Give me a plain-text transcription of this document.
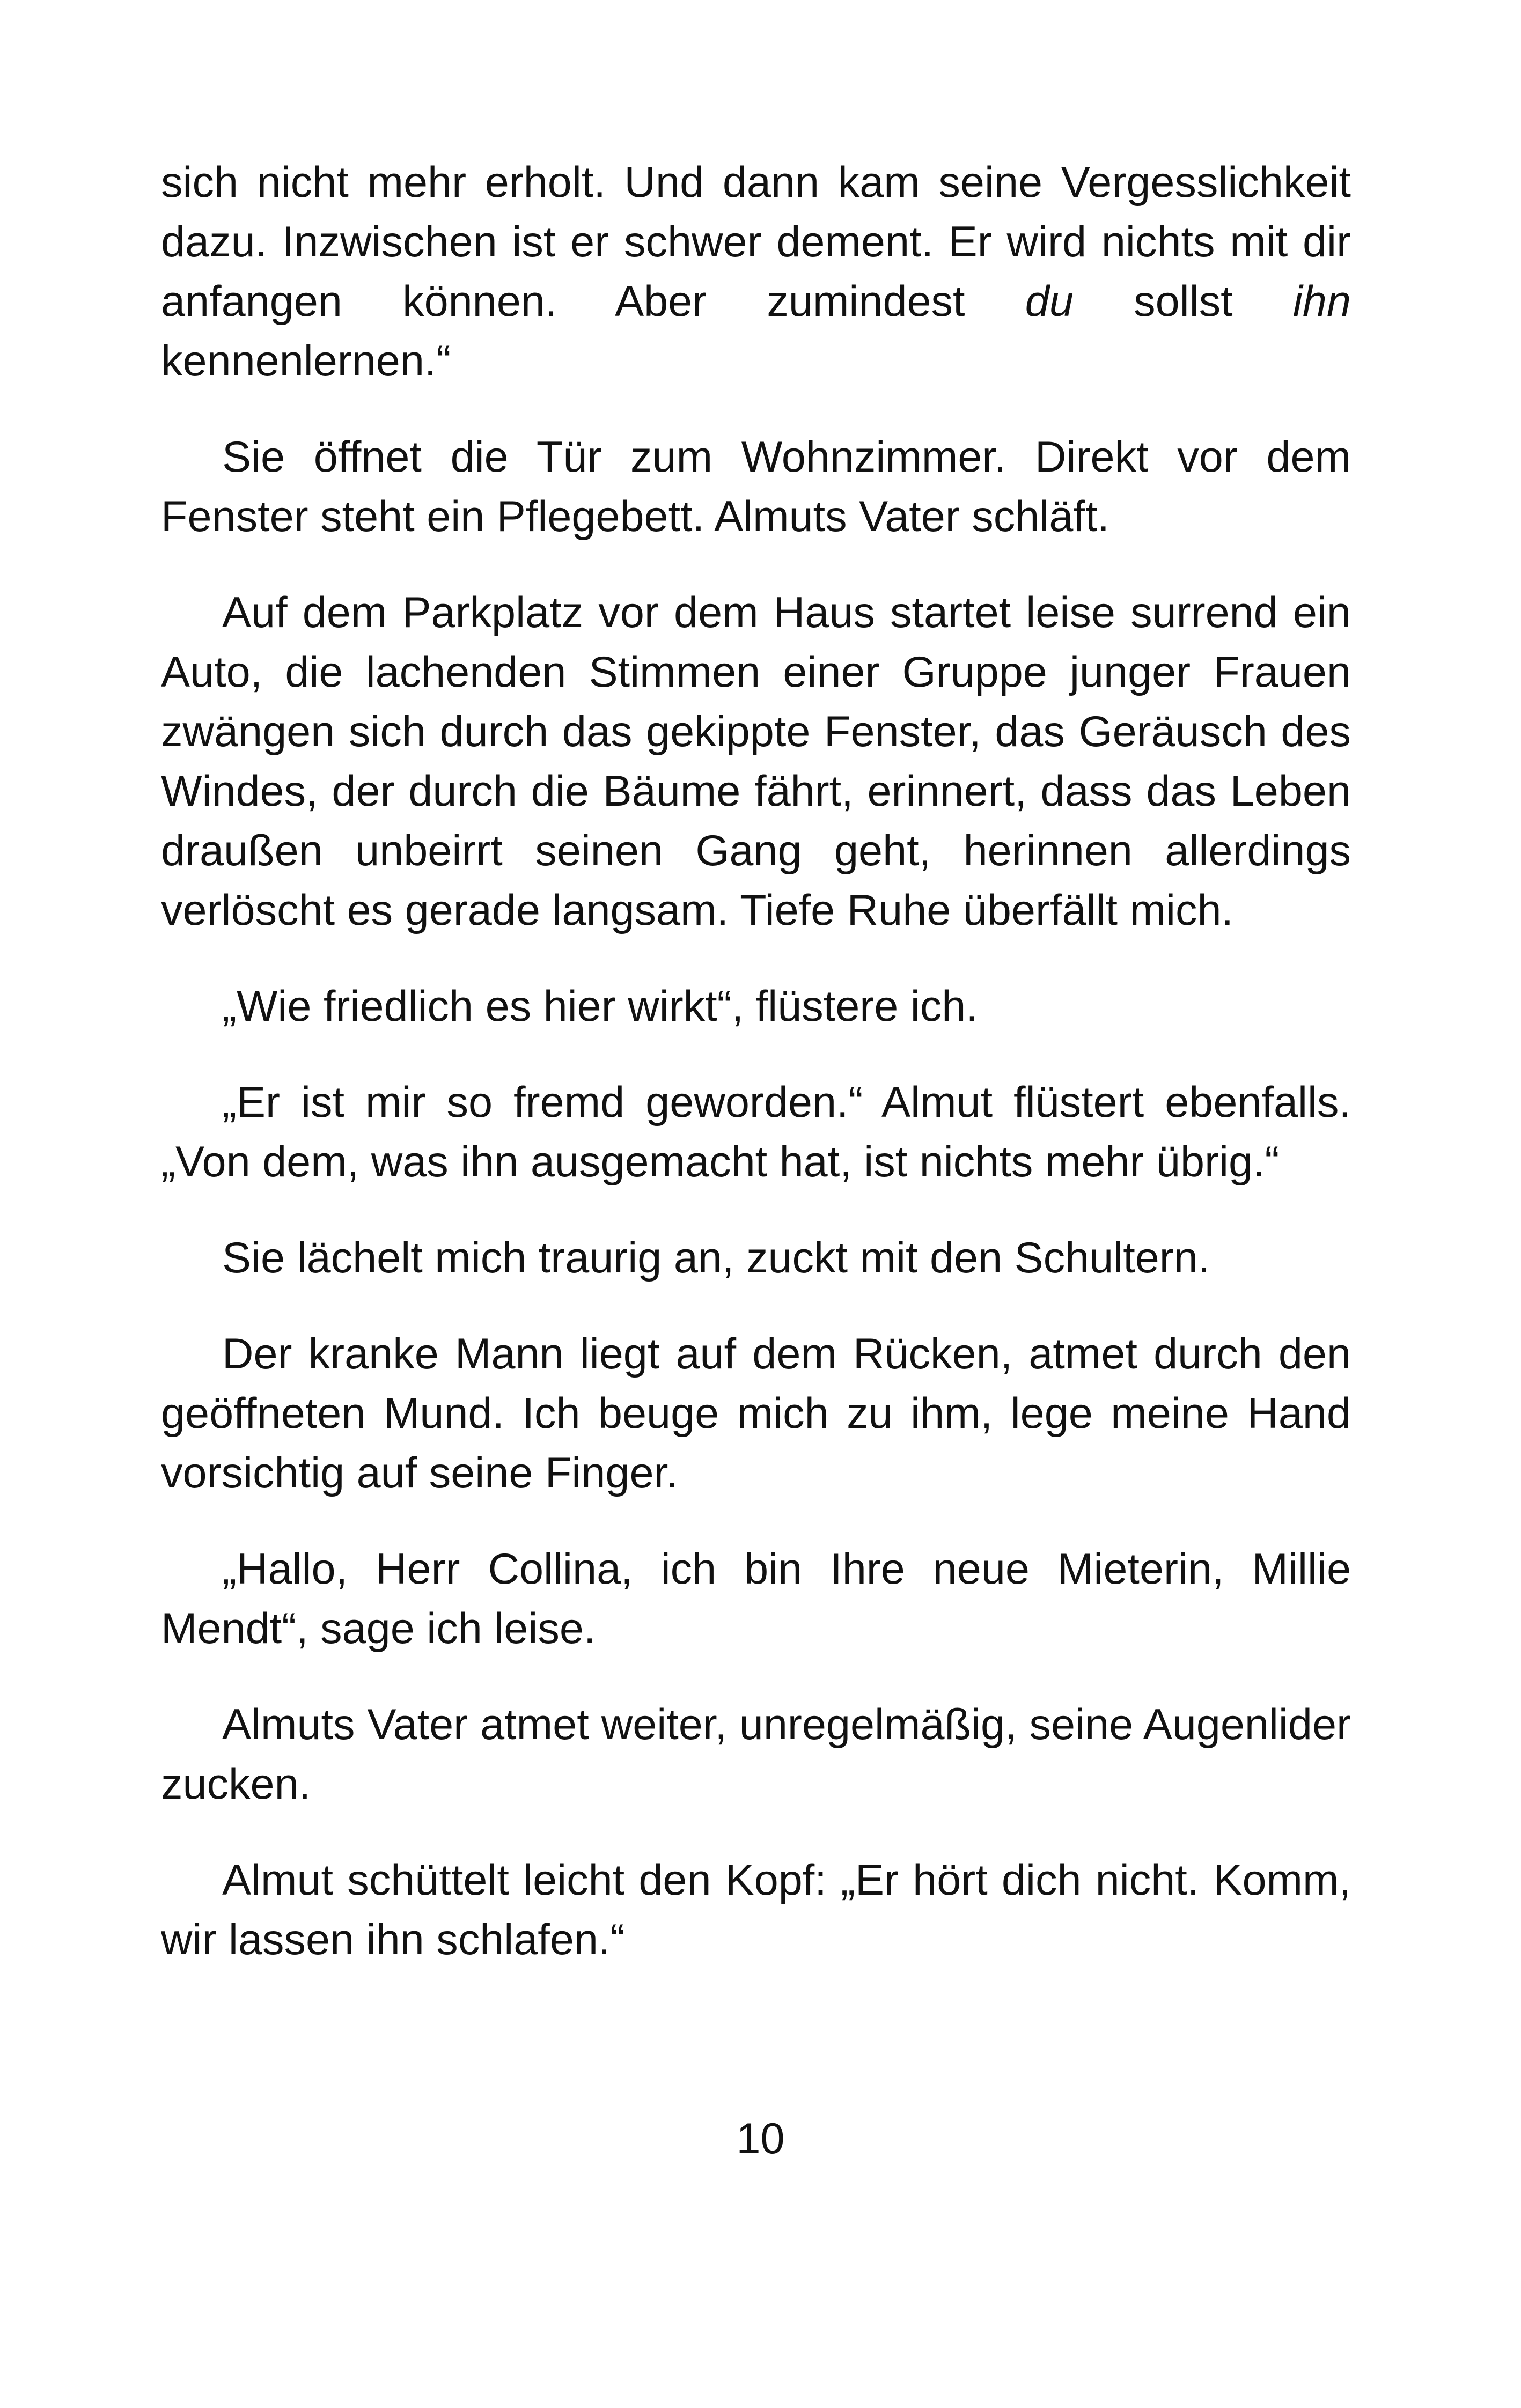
sich nicht mehr erholt. Und dann kam seine Vergesslichkeit dazu. Inzwischen ist er schwer dement. Er wird nichts mit dir anfangen können. Aber zumindest du sollst ihn kennenlernen.“

Sie öffnet die Tür zum Wohnzimmer. Direkt vor dem Fenster steht ein Pflegebett. Almuts Vater schläft.

Auf dem Parkplatz vor dem Haus startet leise surrend ein Auto, die lachenden Stimmen einer Gruppe junger Frauen zwängen sich durch das gekippte Fenster, das Geräusch des Windes, der durch die Bäume fährt, erinnert, dass das Leben draußen unbeirrt seinen Gang geht, herinnen allerdings verlöscht es gerade langsam. Tiefe Ruhe überfällt mich.

„Wie friedlich es hier wirkt“, flüstere ich.

„Er ist mir so fremd geworden.“ Almut flüstert ebenfalls. „Von dem, was ihn ausgemacht hat, ist nichts mehr übrig.“

Sie lächelt mich traurig an, zuckt mit den Schultern.

Der kranke Mann liegt auf dem Rücken, atmet durch den geöffneten Mund. Ich beuge mich zu ihm, lege meine Hand vorsichtig auf seine Finger.

„Hallo, Herr Collina, ich bin Ihre neue Mieterin, Millie Mendt“, sage ich leise.

Almuts Vater atmet weiter, unregelmäßig, seine Augenlider zucken.

Almut schüttelt leicht den Kopf: „Er hört dich nicht. Komm, wir lassen ihn schlafen.“

10
